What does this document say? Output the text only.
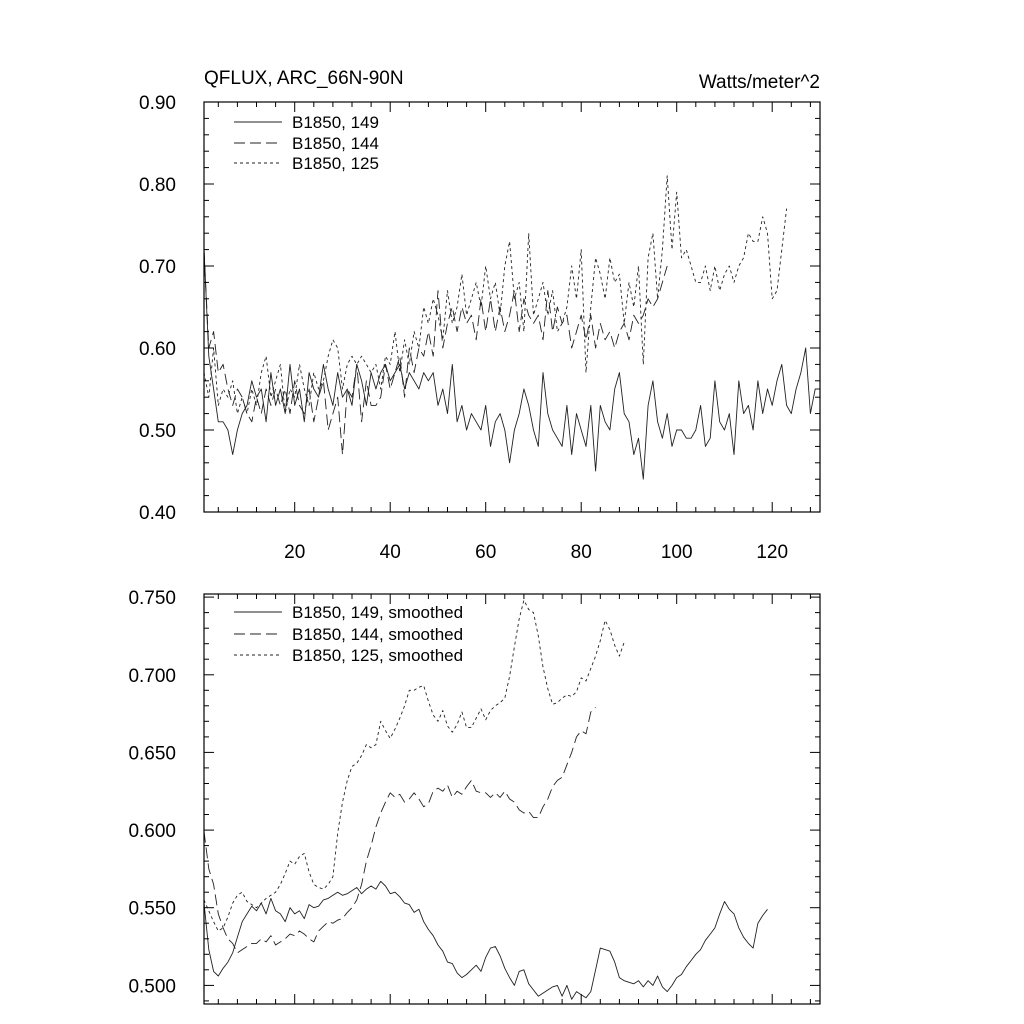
QFLUX, ARC_66N-90N	Watts/meter^2
0.40
0.50
0.60
0.70
0.80
0.90
20	40	60	80	100	120
B1850, 149
B1850, 144
B1850, 125
0.500
0.550
0.600
0.650
0.700
0.750
B1850, 149, smoothed
B1850, 144, smoothed
B1850, 125, smoothed
